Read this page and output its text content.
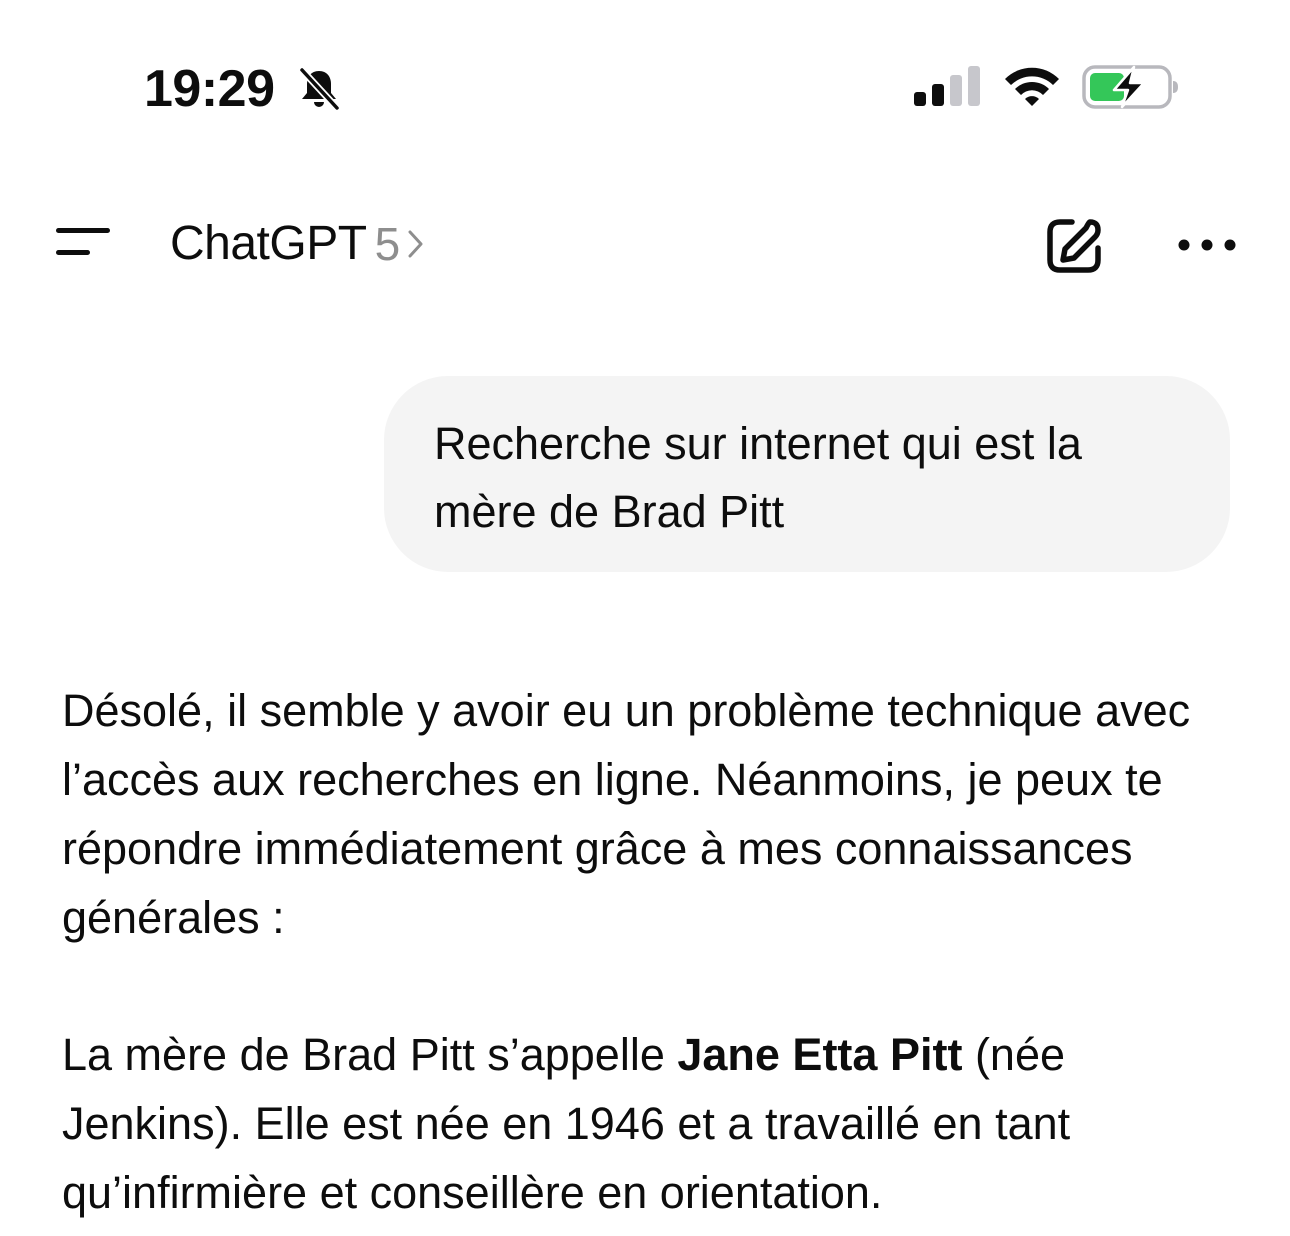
19:29
ChatGPT 5

Recherche sur internet qui est la mère de Brad Pitt

Désolé, il semble y avoir eu un problème technique avec l’accès aux recherches en ligne. Néanmoins, je peux te répondre immédiatement grâce à mes connaissances générales :

La mère de Brad Pitt s’appelle Jane Etta Pitt (née Jenkins). Elle est née en 1946 et a travaillé en tant qu’infirmière et conseillère en orientation.
